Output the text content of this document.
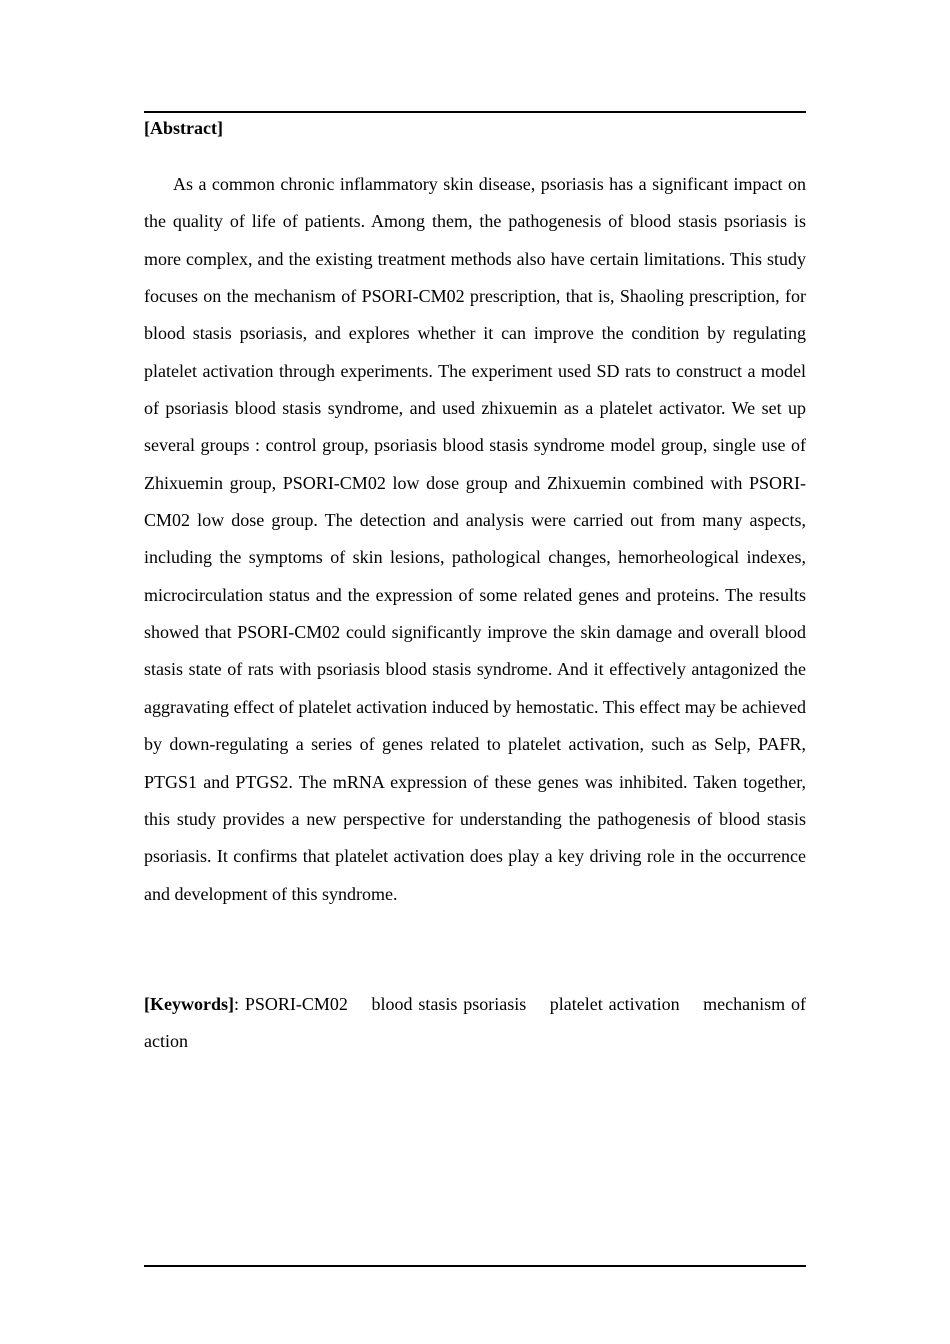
[Abstract]

As a common chronic inflammatory skin disease, psoriasis has a significant impact on the quality of life of patients. Among them, the pathogenesis of blood stasis psoriasis is more complex, and the existing treatment methods also have certain limitations. This study focuses on the mechanism of PSORI-CM02 prescription, that is, Shaoling prescription, for blood stasis psoriasis, and explores whether it can improve the condition by regulating platelet activation through experiments. The experiment used SD rats to construct a model of psoriasis blood stasis syndrome, and used zhixuemin as a platelet activator. We set up several groups : control group, psoriasis blood stasis syndrome model group, single use of Zhixuemin group, PSORI-CM02 low dose group and Zhixuemin combined with PSORI-CM02 low dose group. The detection and analysis were carried out from many aspects, including the symptoms of skin lesions, pathological changes, hemorheological indexes, microcirculation status and the expression of some related genes and proteins. The results showed that PSORI-CM02 could significantly improve the skin damage and overall blood stasis state of rats with psoriasis blood stasis syndrome. And it effectively antagonized the aggravating effect of platelet activation induced by hemostatic. This effect may be achieved by down-regulating a series of genes related to platelet activation, such as Selp, PAFR, PTGS1 and PTGS2. The mRNA expression of these genes was inhibited. Taken together, this study provides a new perspective for understanding the pathogenesis of blood stasis psoriasis. It confirms that platelet activation does play a key driving role in the occurrence and development of this syndrome.

[Keywords]: PSORI-CM02 blood stasis psoriasis platelet activation mechanism of action
